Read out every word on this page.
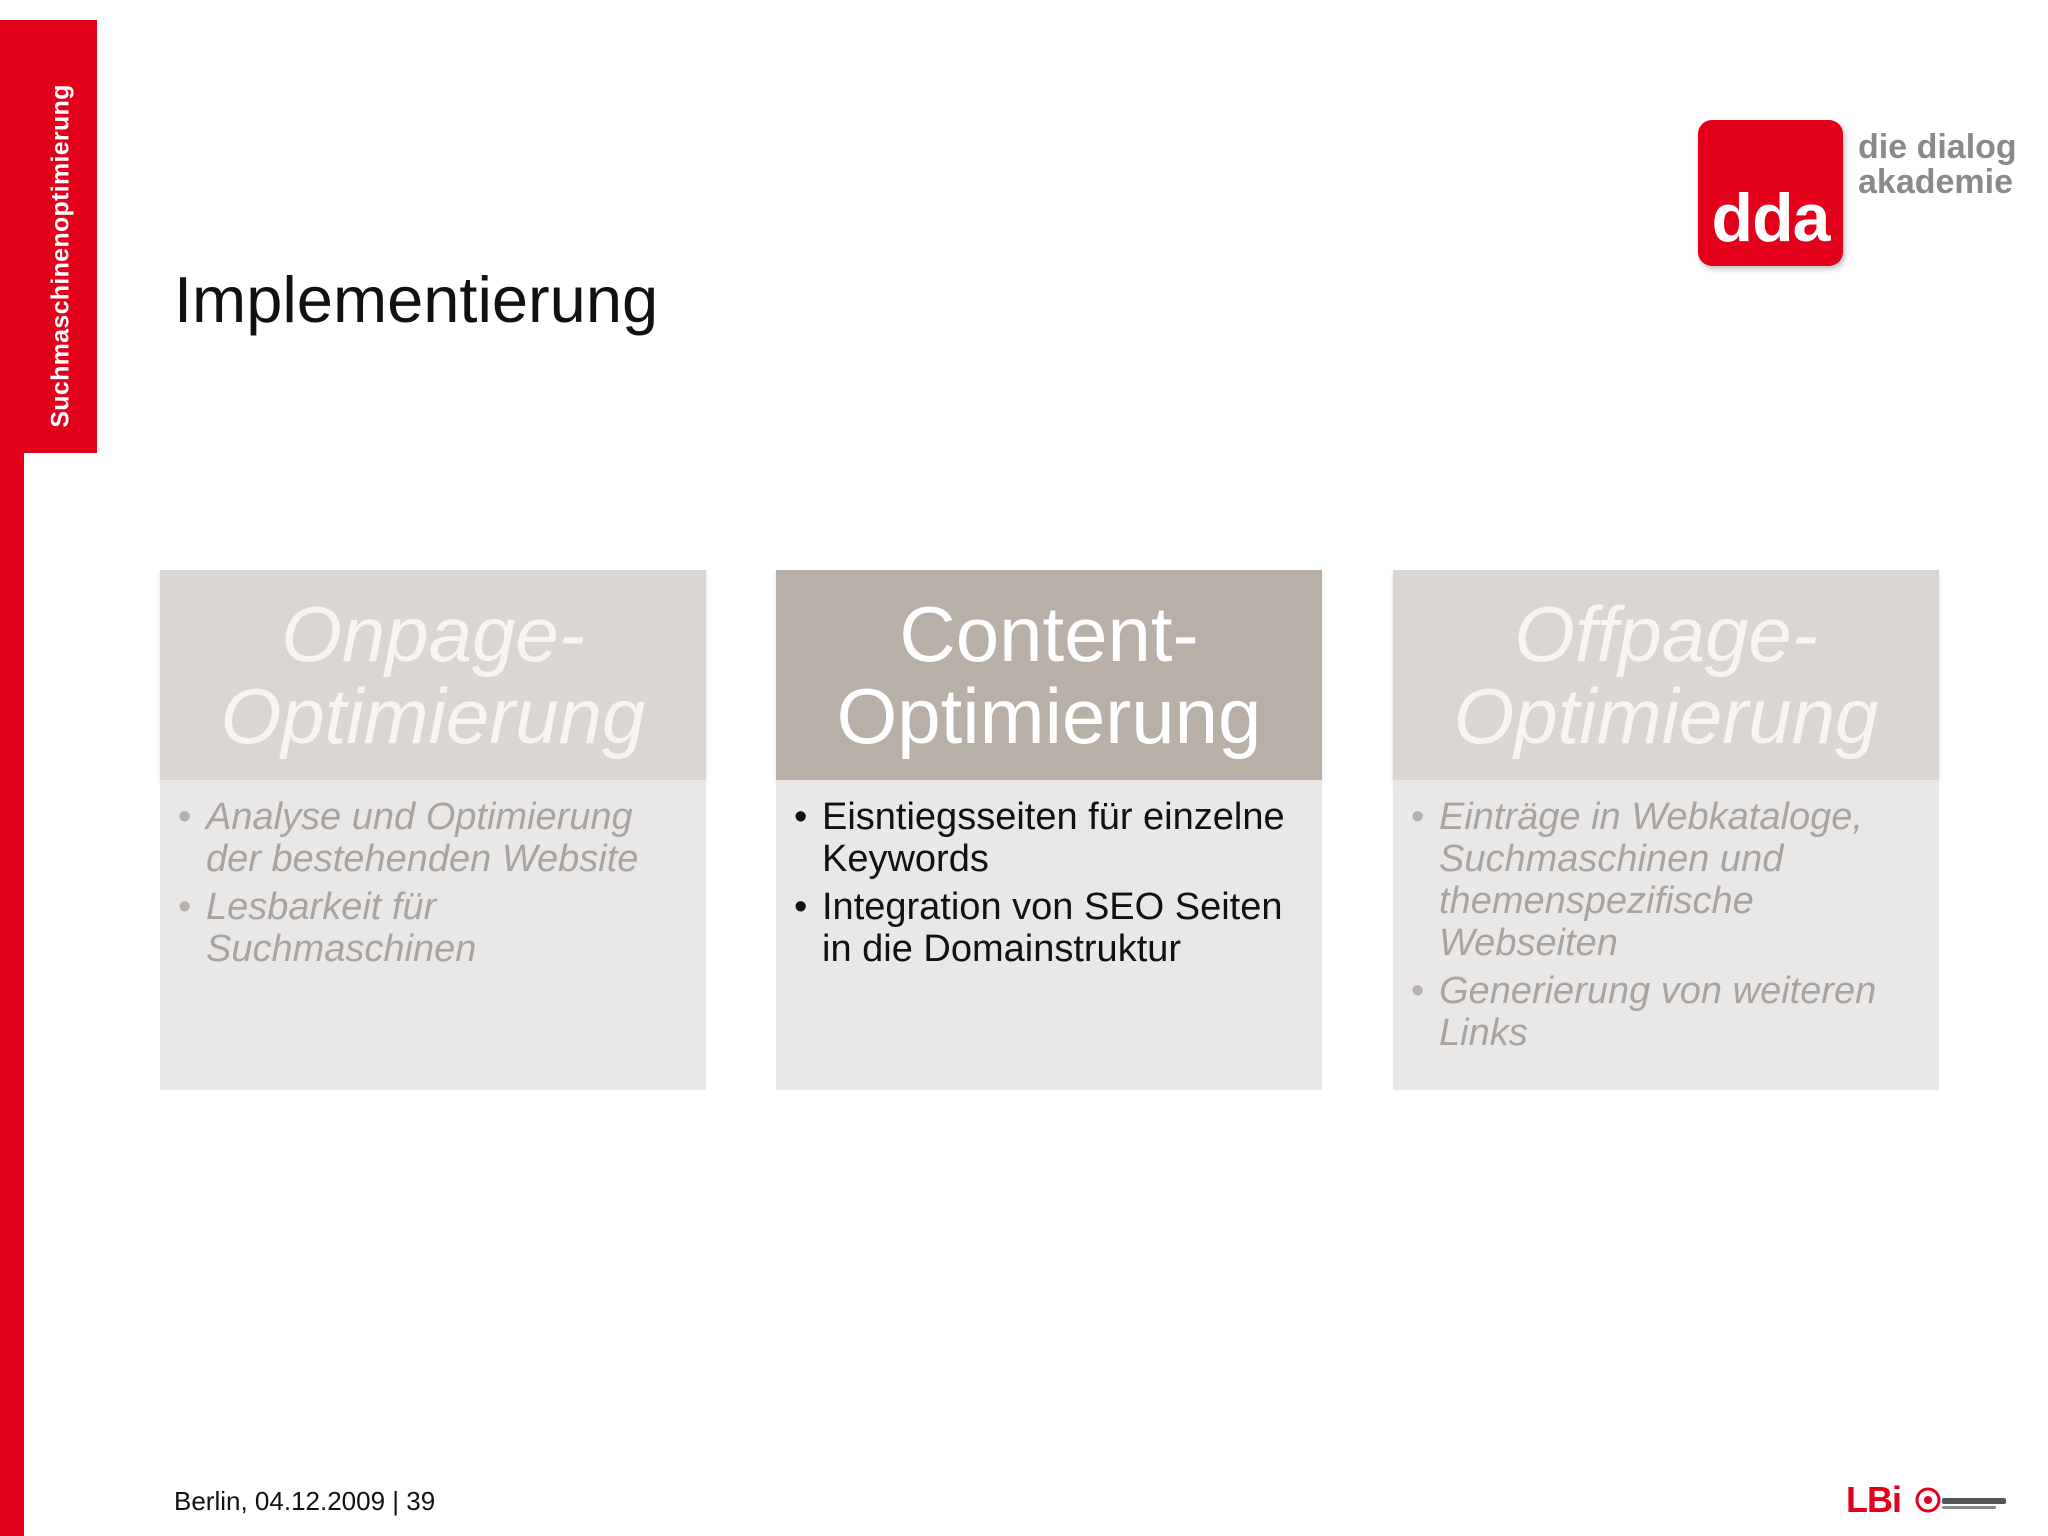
Suchmaschinenoptimierung Implementierung
dda
die dialog
akademie
Onpage-
Optimierung
• Analyse und Optimierung der bestehenden Website
• Lesbarkeit für Suchmaschinen
Content-
Optimierung
• Eisntiegsseiten für einzelne Keywords
• Integration von SEO Seiten in die Domainstruktur
Offpage-
Optimierung
• Einträge in Webkataloge, Suchmaschinen und themenspezifische Webseiten
• Generierung von weiteren Links
Berlin, 04.12.2009 | 39	LBi
